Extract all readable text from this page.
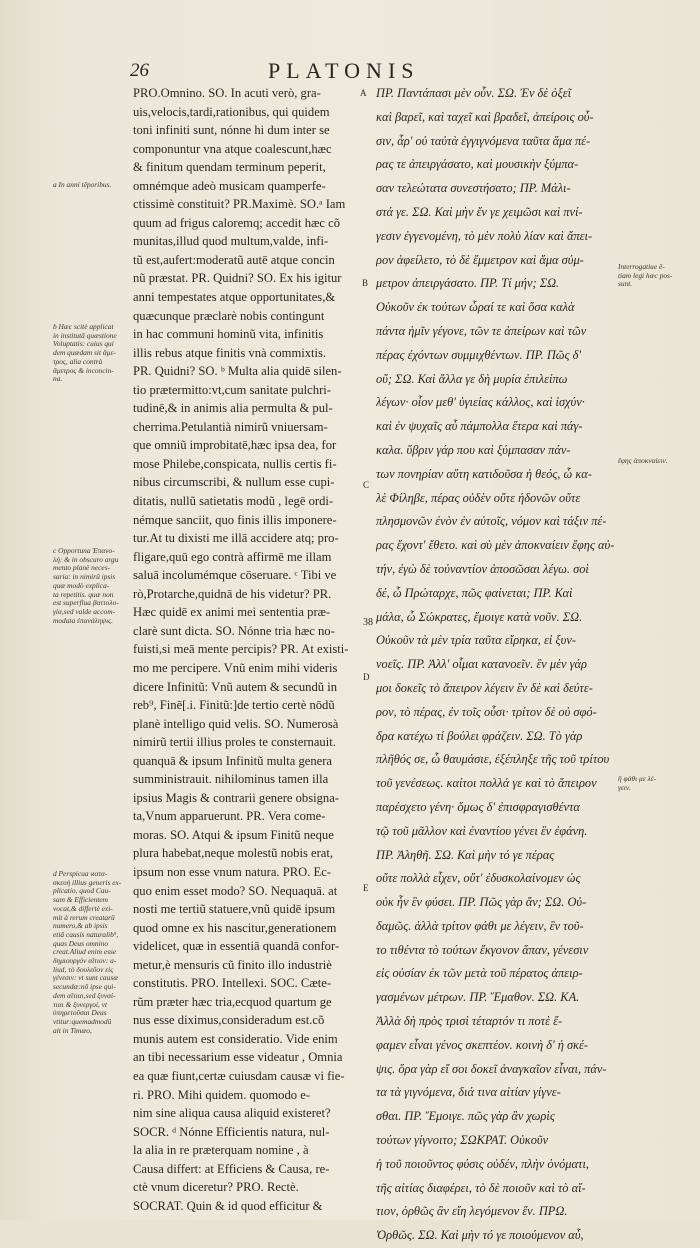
26	PLATONIS
a In anni tēporibus.
b Hæc scitè applicat
in institutā quæstione
Voluptatis: cuius qui
dem quædam sit ἄμε-
τρος, alia contrà
ἄμετρος & inconcin-
na.
c Opportuna Ἐπανο-
λή: & in obscuro argu
mento planè neces-
saria: in nimirū ipsis
quæ modò explica-
ta repetitis. quæ non
est superflua βαττολο-
γία,sed valde accom-
modata ἐπανάληψις.
d Perspicua ϰατα-
σκευή illius generis ex-
plicatio, quod Cau-
sam & Efficientem
vocat,& differtè exi-
mit à rerum creatarū
numero,& ab ipsis
etiā causis naturalib⁹,
quas Deus omnino
creat.Aliud enim esse
δημιουργόν αἴτιον: a-
liud, τὸ δουλεῦον εἰς
γένεσιν: vt sunt causæ
secundæ:nō ipse qui-
dem αἴτιαι,sed ξυναί-
τιαι & ξυνεργοί, vt
ὑπηρετοῦσαι Deus
vtitur:quemadmodū
ait in Timæo,
PRO.Omnino. SO. In acuti verò, gra-
uis,velocis,tardi,rationibus, qui quidem
toni infiniti sunt, nónne hi dum inter se
componuntur vna atque coalescunt,hæc
& finitum quendam terminum peperit,
omnémque adeò musicam quamperfe-
ctissimè constituit? PR.Maximè. SO.ᵃ Iam
quum ad frigus caloremq; accedit hæc cõ
munitas,illud quod multum,valde, infi-
tũ est,aufert:moderatũ autē atque concin
nũ præstat. PR. Quidni? SO. Ex his igitur
anni tempestates atque opportunitates,&
quæcunque præclarè nobis contingunt
in hac communi hominũ vita, infinitis
illis rebus atque finitis vnà commixtis.
PR. Quidni? SO. ᵇ Multa alia quidē silen-
tio prætermitto:vt,cum sanitate pulchri-
tudinē,& in animis alia permulta & pul-
cherrima.Petulantià nimirũ vniuersam-
que omniũ improbitatē,hæc ipsa dea, for
mose Philebe,conspicata, nullis certis fi-
nibus circumscribi, & nullum esse cupi-
ditatis, nullũ satietatis modũ , legē ordi-
némque sanciit, quo finis illis imponere-
tur.At tu dixisti me illā accidere atq; pro-
fligare,quū ego contrà affirmē me illam
saluā incolumémque cōseruare. ᶜ Tibi ve
rò,Protarche,quidnā de his videtur? PR.
Hæc quidē ex animi mei sententia præ-
clarè sunt dicta. SO. Nónne tria hæc no-
fuisti,si meā mente percipis? PR. At existi-
mo me percipere. Vnũ enim mihi videris
dicere Infinitũ: Vnũ autem & secundũ in
reb⁹, Finē[.i. Finitũ:]de tertio certè nōdũ
planè intelligo quid velis. SO. Numerosà
nimirũ tertii illius proles te consternauit.
quanquā & ipsum Infinitũ multa genera
sumministrauit. nihilominus tamen illa
ipsius Magis & contrarii genere obsigna-
ta,Vnum apparuerunt. PR. Vera come-
moras. SO. Atqui & ipsum Finitũ neque
plura habebat,neque molestũ nobis erat,
ipsum non esse vnum natura. PRO. Ec-
quo enim esset modo? SO. Nequaquā. at
nosti me tertiũ statuere,vnũ quidē ipsum
quod omne ex his nascitur,generationem
videlicet, quæ in essentiā quandā confor-
metur,è mensuris cũ finito illo industriè
constitutis. PRO. Intellexi. SOC. Cæte-
rũm præter hæc tria,ecquod quartum ge
nus esse diximus,consideradum est.cõ
munis autem est consideratio. Vide enim
an tibi necessarium esse videatur , Omnia
ea quæ fiunt,certæ cuiusdam causæ vi fie-
ri. PRO. Mihi quidem. quomodo e-
nim sine aliqua causa aliquid existeret?
SOCR. ᵈ Nónne Efficientis natura, nul-
la alia in re præterquam nomine , à
Causa differt: at Efficiens & Causa, re-
ctè vnum diceretur? PRO. Rectè.
SOCRAT. Quin & id quod efficitur &
A
B
C
D
E
38
ΠΡ. Παντάπασι μὲν οὖν. ΣΩ. Ἐν δὲ ὀξεῖ
καὶ βαρεῖ, καὶ ταχεῖ καὶ βραδεῖ, ἀπείροις οὖ-
σιν, ἆρ' οὐ ταὐτὰ ἐγγιγνόμενα ταῦτα ἅμα πέ-
ρας τε ἀπειργάσατο, καὶ μουσικὴν ξύμπα-
σαν τελεώτατα συνεστήσατο; ΠΡ. Μάλι-
στά γε. ΣΩ. Καὶ μὴν ἔν γε χειμῶσι καὶ πνί-
γεσιν ἐγγενομένη, τὸ μὲν πολὺ λίαν καὶ ἄπει-
ρον ἀφείλετο, τὸ δὲ ἔμμετρον καὶ ἅμα σύμ-
μετρον ἀπειργάσατο. ΠΡ. Τί μήν; ΣΩ.
Οὐκοῦν ἐκ τούτων ὧραί τε καὶ ὅσα καλὰ
πάντα ἡμῖν γέγονε, τῶν τε ἀπείρων καὶ τῶν
πέρας ἐχόντων συμμιχθέντων. ΠΡ. Πῶς δ'
οὔ; ΣΩ. Καὶ ἄλλα γε δὴ μυρία ἐπιλείπω
λέγων· οἷον μεθ' ὑγιείας κάλλος, καὶ ἰσχύν·
καὶ ἐν ψυχαῖς αὖ πάμπολλα ἕτερα καὶ πάγ-
καλα. ὕβριν γάρ που καὶ ξύμπασαν πάν-
των πονηρίαν αὕτη κατιδοῦσα ἡ θεός, ὦ κα-
λὲ Φίληβε, πέρας οὐδὲν οὔτε ἡδονῶν οὔτε
πλησμονῶν ἐνὸν ἐν αὐτοῖς, νόμον καὶ τάξιν πέ-
ρας ἔχοντ' ἔθετο. καὶ σὺ μὲν ἀποκναίειν ἔφης αὐ-
τήν, ἐγὼ δὲ τοὐναντίον ἀποσῶσαι λέγω. σοὶ
δέ, ὦ Πρώταρχε, πῶς φαίνεται; ΠΡ. Καὶ
μάλα, ὦ Σώκρατες, ἔμοιγε κατὰ νοῦν. ΣΩ.
Οὐκοῦν τὰ μὲν τρία ταῦτα εἴρηκα, εἰ ξυν-
νοεῖς. ΠΡ. Ἀλλ' οἶμαι κατανοεῖν. ἓν μὲν γάρ
μοι δοκεῖς τὸ ἄπειρον λέγειν ἓν δὲ καὶ δεύτε-
ρον, τὸ πέρας, ἐν τοῖς οὖσι· τρίτον δὲ οὐ σφό-
δρα κατέχω τί βούλει φράζειν. ΣΩ. Τὸ γὰρ
πλῆθός σε, ὦ θαυμάσιε, ἐξέπληξε τῆς τοῦ τρίτου
τοῦ γενέσεως. καίτοι πολλά γε καὶ τὸ ἄπειρον
παρέσχετο γένη· ὅμως δ' ἐπισφραγισθέντα
τῷ τοῦ μᾶλλον καὶ ἐναντίου γένει ἓν ἐφάνη.
ΠΡ. Ἀληθῆ. ΣΩ. Καὶ μὴν τό γε πέρας
οὔτε πολλὰ εἶχεν, οὔτ' ἐδυσκολαίνομεν ὡς
οὐκ ἦν ἓν φύσει. ΠΡ. Πῶς γὰρ ἄν; ΣΩ. Οὐ-
δαμῶς. ἀλλὰ τρίτον φάθι με λέγειν, ἓν τοῦ-
το τιθέντα τὸ τούτων ἔκγονον ἅπαν, γένεσιν
εἰς οὐσίαν ἐκ τῶν μετὰ τοῦ πέρατος ἀπειρ-
γασμένων μέτρων. ΠΡ. Ἔμαθον. ΣΩ. ΚΑ.
Ἀλλὰ δὴ πρὸς τρισὶ τέταρτόν τι ποτὲ ἔ-
φαμεν εἶναι γένος σκεπτέον. κοινὴ δ' ἡ σκέ-
ψις. ὅρα γὰρ εἴ σοι δοκεῖ ἀναγκαῖον εἶναι, πάν-
τα τὰ γιγνόμενα, διά τινα αἰτίαν γίγνε-
σθαι. ΠΡ. Ἔμοιγε. πῶς γὰρ ἂν χωρὶς
τούτων γίγνοιτο; ΣΩΚΡΑΤ. Οὐκοῦν
ἡ τοῦ ποιοῦντος φύσις οὐδέν, πλὴν ὀνόματι,
τῆς αἰτίας διαφέρει, τὸ δὲ ποιοῦν καὶ τὸ αἴ-
τιον, ὀρθῶς ἂν εἴη λεγόμενον ἕν. ΠΡΩ.
Ὀρθῶς. ΣΩ. Καὶ μὴν τό γε ποιούμενον αὖ,
Interrogatiue ē-
tiam legi hæc pos-
sunt.
ἔφης ἀποκναίειν.
ἢ φάθι με λέ-
γειν.
